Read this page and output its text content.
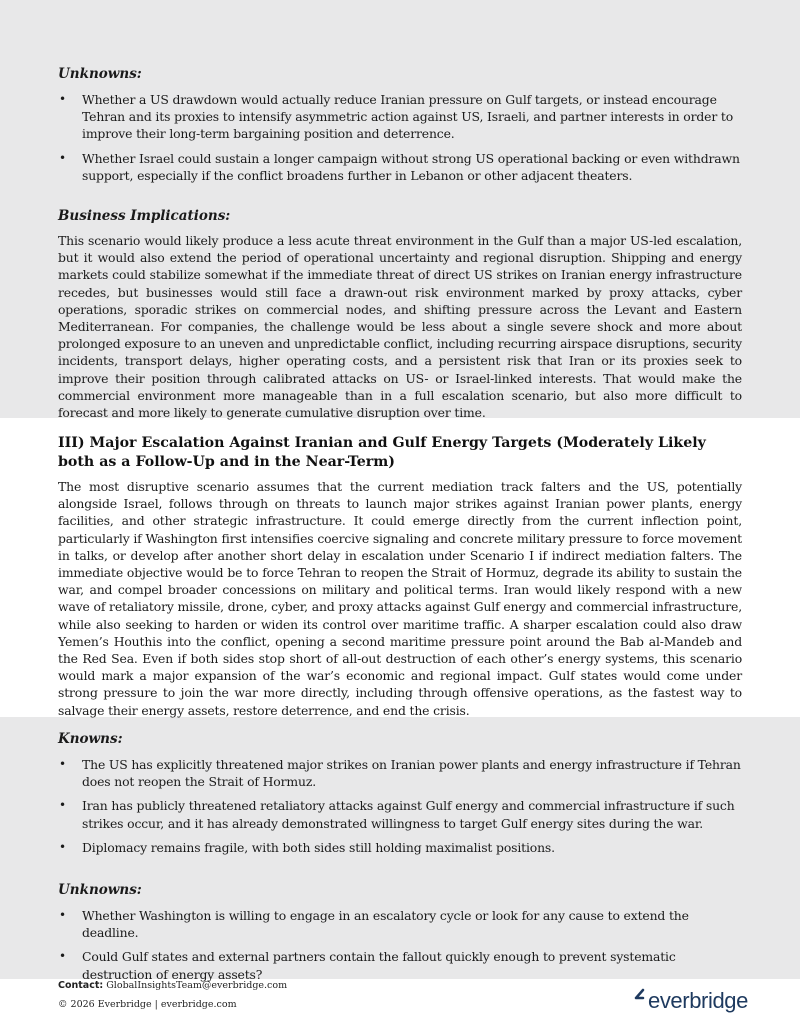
Unknowns:

• Whether a US drawdown would actually reduce Iranian pressure on Gulf targets, or instead encourage Tehran and its proxies to intensify asymmetric action against US, Israeli, and partner interests in order to improve their long-term bargaining position and deterrence.
• Whether Israel could sustain a longer campaign without strong US operational backing or even withdrawn support, especially if the conflict broadens further in Lebanon or other adjacent theaters.

Business Implications:

This scenario would likely produce a less acute threat environment in the Gulf than a major US-led escalation, but it would also extend the period of operational uncertainty and regional disruption. Shipping and energy markets could stabilize somewhat if the immediate threat of direct US strikes on Iranian energy infrastructure recedes, but businesses would still face a drawn-out risk environment marked by proxy attacks, cyber operations, sporadic strikes on commercial nodes, and shifting pressure across the Levant and Eastern Mediterranean. For companies, the challenge would be less about a single severe shock and more about prolonged exposure to an uneven and unpredictable conflict, including recurring airspace disruptions, security incidents, transport delays, higher operating costs, and a persistent risk that Iran or its proxies seek to improve their position through calibrated attacks on US- or Israel-linked interests. That would make the commercial environment more manageable than in a full escalation scenario, but also more difficult to forecast and more likely to generate cumulative disruption over time.

III) Major Escalation Against Iranian and Gulf Energy Targets (Moderately Likely both as a Follow-Up and in the Near-Term)

The most disruptive scenario assumes that the current mediation track falters and the US, potentially alongside Israel, follows through on threats to launch major strikes against Iranian power plants, energy facilities, and other strategic infrastructure. It could emerge directly from the current inflection point, particularly if Washington first intensifies coercive signaling and concrete military pressure to force movement in talks, or develop after another short delay in escalation under Scenario I if indirect mediation falters. The immediate objective would be to force Tehran to reopen the Strait of Hormuz, degrade its ability to sustain the war, and compel broader concessions on military and political terms. Iran would likely respond with a new wave of retaliatory missile, drone, cyber, and proxy attacks against Gulf energy and commercial infrastructure, while also seeking to harden or widen its control over maritime traffic. A sharper escalation could also draw Yemen’s Houthis into the conflict, opening a second maritime pressure point around the Bab al-Mandeb and the Red Sea. Even if both sides stop short of all-out destruction of each other’s energy systems, this scenario would mark a major expansion of the war’s economic and regional impact. Gulf states would come under strong pressure to join the war more directly, including through offensive operations, as the fastest way to salvage their energy assets, restore deterrence, and end the crisis.

Knowns:

• The US has explicitly threatened major strikes on Iranian power plants and energy infrastructure if Tehran does not reopen the Strait of Hormuz.
• Iran has publicly threatened retaliatory attacks against Gulf energy and commercial infrastructure if such strikes occur, and it has already demonstrated willingness to target Gulf energy sites during the war.
• Diplomacy remains fragile, with both sides still holding maximalist positions.

Unknowns:

• Whether Washington is willing to engage in an escalatory cycle or look for any cause to extend the deadline.
• Could Gulf states and external partners contain the fallout quickly enough to prevent systematic destruction of energy assets?
Contact: GlobalInsightsTeam@everbridge.com
© 2026 Everbridge | everbridge.com	everbridge
